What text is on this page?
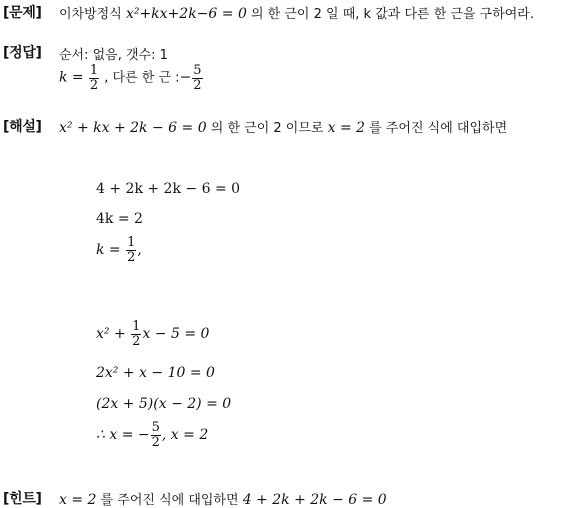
[문제] 이차방정식 x²+kx+2k−6 = 0 의 한 근이 2 일 때, k 값과 다른 한 근을 구하여라.
[정답] 순서: 없음, 갯수: 1
$k = \frac{1}{2}$ , 다른 한 근 :− $\frac{5}{2}$
[해설] x² + kx + 2k − 6 = 0 의 한 근이 2 이므로 x = 2 를 주어진 식에 대입하면
4 + 2k + 2k − 6 = 0
4k = 2
$k = \frac{1}{2}$ ,
$x^2 + \frac{1}{2}$ x − 5 = 0
2x² + x − 10 = 0
(2x + 5)(x − 2) = 0
∴ x = − $\frac{5}{2}$ , x = 2
[힌트] x = 2 를 주어진 식에 대입하면 4 + 2k + 2k − 6 = 0
